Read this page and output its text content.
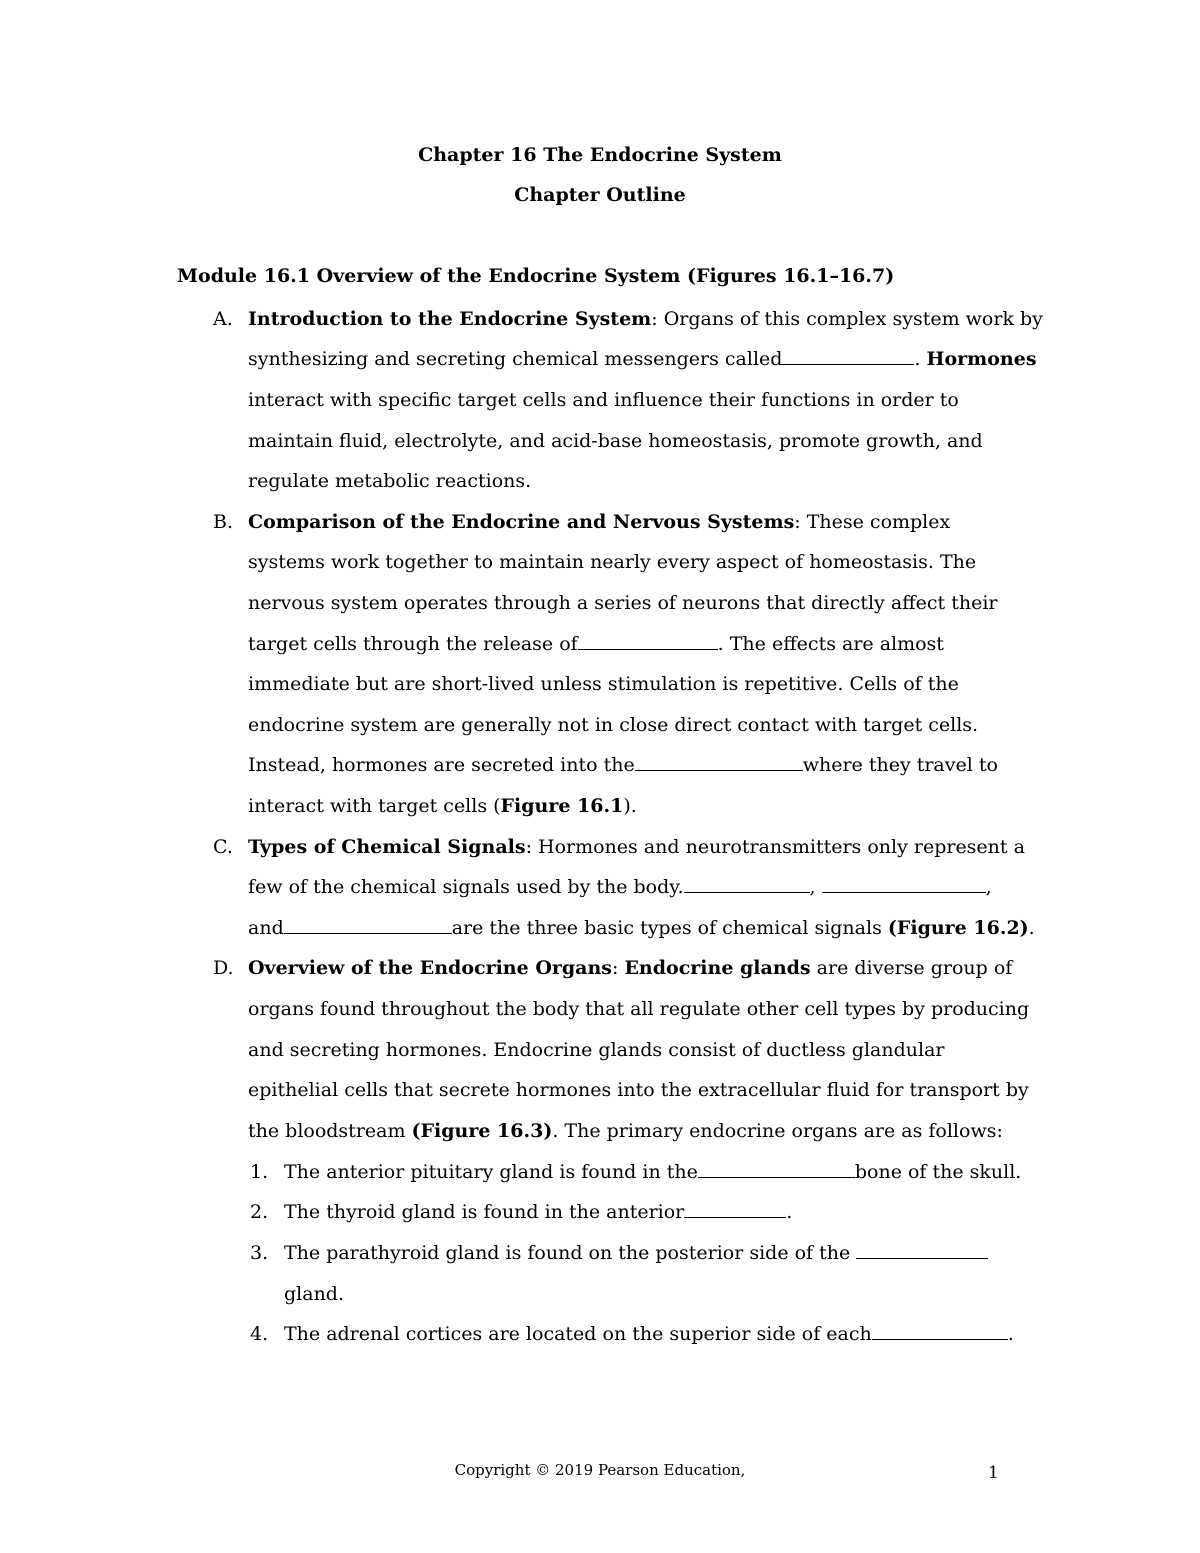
Chapter 16 The Endocrine System
Chapter Outline
Module 16.1 Overview of the Endocrine System (Figures 16.1–16.7)
A. Introduction to the Endocrine System: Organs of this complex system work by
synthesizing and secreting chemical messengers called	. Hormones
interact with specific target cells and influence their functions in order to
maintain fluid, electrolyte, and acid-base homeostasis, promote growth, and
regulate metabolic reactions.
B. Comparison of the Endocrine and Nervous Systems: These complex
systems work together to maintain nearly every aspect of homeostasis. The
nervous system operates through a series of neurons that directly affect their
target cells through the release of	. The effects are almost
immediate but are short-lived unless stimulation is repetitive. Cells of the
endocrine system are generally not in close direct contact with target cells.
Instead, hormones are secreted into the	where they travel to
interact with target cells (Figure 16.1).
C. Types of Chemical Signals: Hormones and neurotransmitters only represent a
few of the chemical signals used by the body.	,	,
and	are the three basic types of chemical signals (Figure 16.2).
D. Overview of the Endocrine Organs: Endocrine glands are diverse group of
organs found throughout the body that all regulate other cell types by producing
and secreting hormones. Endocrine glands consist of ductless glandular
epithelial cells that secrete hormones into the extracellular fluid for transport by
the bloodstream (Figure 16.3). The primary endocrine organs are as follows:
1. The anterior pituitary gland is found in the	bone of the skull.
2. The thyroid gland is found in the anterior	.
3. The parathyroid gland is found on the posterior side of the
gland.
4. The adrenal cortices are located on the superior side of each	.
Copyright © 2019 Pearson Education,	1
